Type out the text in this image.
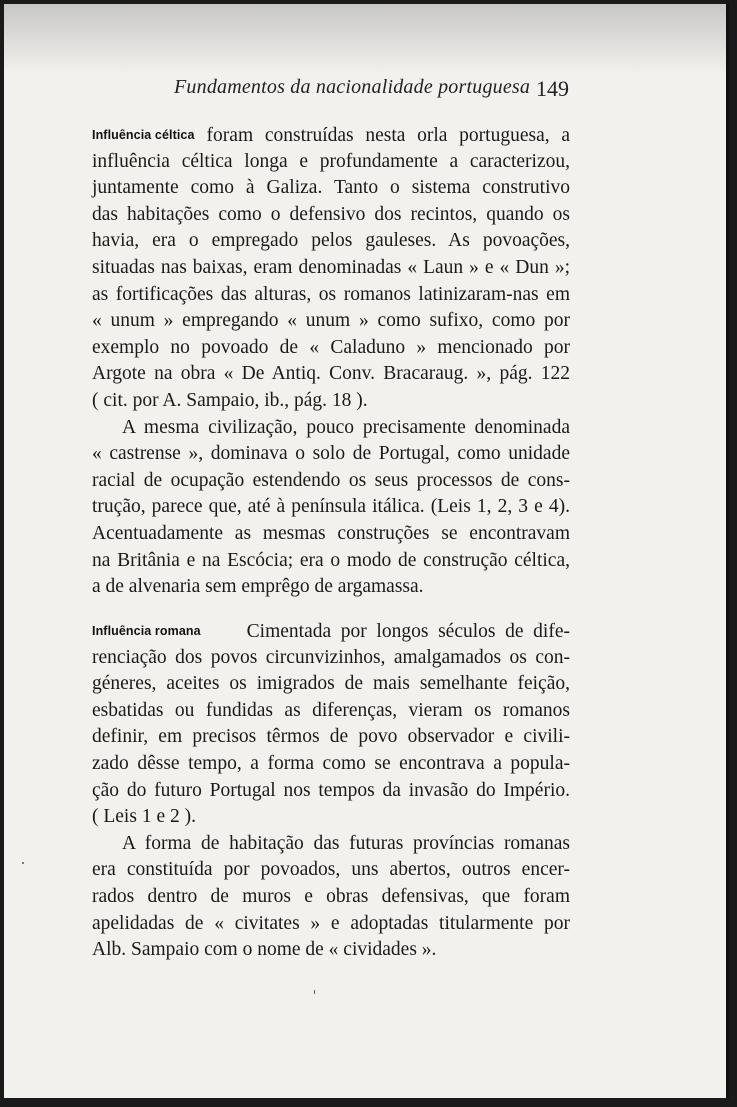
Fundamentos da nacionalidade portuguesa 149
Influência céltica foram construídas nesta orla portuguesa, a
influência céltica longa e profundamente a caracterizou,
juntamente como à Galiza. Tanto o sistema construtivo
das habitações como o defensivo dos recintos, quando os
havia, era o empregado pelos gauleses. As povoações,
situadas nas baixas, eram denominadas « Laun » e « Dun »;
as fortificações das alturas, os romanos latinizaram-nas em
« unum » empregando « unum » como sufixo, como por
exemplo no povoado de « Caladuno » mencionado por
Argote na obra « De Antiq. Conv. Bracaraug. », pág. 122
( cit. por A. Sampaio, ib., pág. 18 ).
A mesma civilização, pouco precisamente denominada
« castrense », dominava o solo de Portugal, como unidade
racial de ocupação estendendo os seus processos de cons-
trução, parece que, até à península itálica. (Leis 1, 2, 3 e 4).
Acentuadamente as mesmas construções se encontravam
na Britânia e na Escócia; era o modo de construção céltica,
a de alvenaria sem emprêgo de argamassa.
Influência romana Cimentada por longos séculos de dife-
renciação dos povos circunvizinhos, amalgamados os con-
géneres, aceites os imigrados de mais semelhante feição,
esbatidas ou fundidas as diferenças, vieram os romanos
definir, em precisos têrmos de povo observador e civili-
zado dêsse tempo, a forma como se encontrava a popula-
ção do futuro Portugal nos tempos da invasão do Império.
( Leis 1 e 2 ).
A forma de habitação das futuras províncias romanas
era constituída por povoados, uns abertos, outros encer-
rados dentro de muros e obras defensivas, que foram
apelidadas de « civitates » e adoptadas titularmente por
Alb. Sampaio com o nome de « cividades ».
